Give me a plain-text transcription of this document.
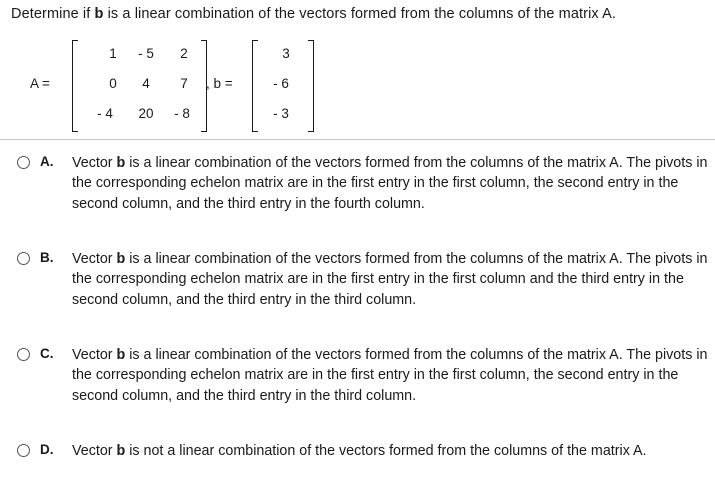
Determine if b is a linear combination of the vectors formed from the columns of the matrix A.
A =
1	- 5	2
0	4	7
- 4	20	- 8
, b =
3
- 6
- 3
A. Vector b is a linear combination of the vectors formed from the columns of the matrix A. The pivots in the corresponding echelon matrix are in the first entry in the first column, the second entry in the second column, and the third entry in the fourth column.
B. Vector b is a linear combination of the vectors formed from the columns of the matrix A. The pivots in the corresponding echelon matrix are in the first entry in the first column and the third entry in the second column, and the third entry in the third column.
C. Vector b is a linear combination of the vectors formed from the columns of the matrix A. The pivots in the corresponding echelon matrix are in the first entry in the first column, the second entry in the second column, and the third entry in the third column.
D. Vector b is not a linear combination of the vectors formed from the columns of the matrix A.
